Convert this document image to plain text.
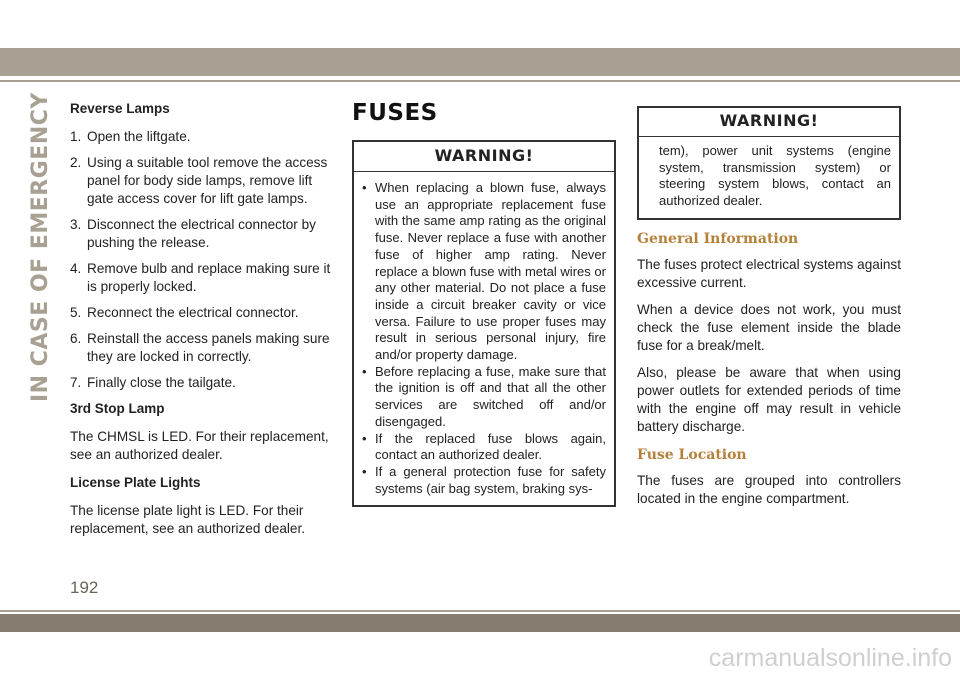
IN CASE OF EMERGENCY Reverse Lamps
1. Open the liftgate.
2. Using a suitable tool remove the access panel for body side lamps, remove lift gate access cover for lift gate lamps.
3. Disconnect the electrical connector by pushing the release.
4. Remove bulb and replace making sure it is properly locked.
5. Reconnect the electrical connector.
6. Reinstall the access panels making sure they are locked in correctly.
7. Finally close the tailgate.
3rd Stop Lamp

The CHMSL is LED. For their replacement, see an authorized dealer.

License Plate Lights

The license plate light is LED. For their replacement, see an authorized dealer.

FUSES
WARNING!
• When replacing a blown fuse, always use an appropriate replacement fuse with the same amp rating as the original fuse. Never replace a fuse with another fuse of higher amp rating. Never replace a blown fuse with metal wires or any other material. Do not place a fuse inside a circuit breaker cavity or vice versa. Failure to use proper fuses may result in serious personal injury, fire and/or property damage.
• Before replacing a fuse, make sure that the ignition is off and that all the other services are switched off and/or disengaged.
• If the replaced fuse blows again, contact an authorized dealer.
• If a general protection fuse for safety systems (air bag system, braking sys-
WARNING!
tem), power unit systems (engine system, transmission system) or steering system blows, contact an authorized dealer.
General Information

The fuses protect electrical systems against excessive current.

When a device does not work, you must check the fuse element inside the blade fuse for a break/melt.

Also, please be aware that when using power outlets for extended periods of time with the engine off may result in vehicle battery discharge.

Fuse Location

The fuses are grouped into controllers located in the engine compartment.

192
carmanualsonline.info
